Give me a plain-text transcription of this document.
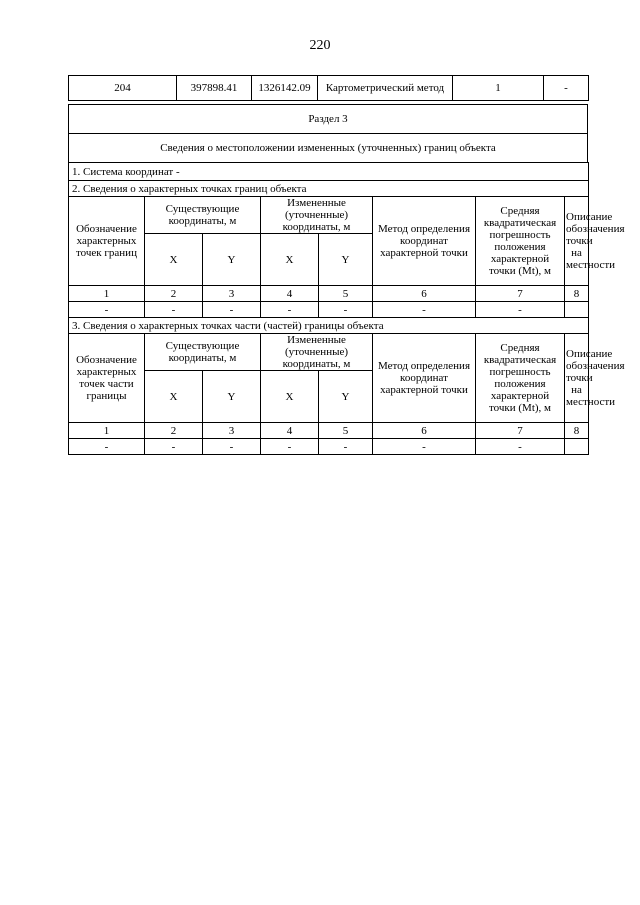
220
204	397898.41	1326142.09	Картометрический метод	1	-
Раздел 3
Сведения о местоположении измененных (уточненных) границ объекта
1. Система координат -							
2. Сведения о характерных точках границ объекта							
Обозначение характерных точек границ	Существующие координаты, м		Измененные (уточненные) координаты, м		Метод определения координат характерной точки	Средняя квадратическая погрешность положения характерной точки (Mt), м	Описание обозначения точки на местности
	X	Y	X	Y			
1	2	3	4	5	6	7	8
-	-	-	-	-	-	-	
3. Сведения о характерных точках части (частей) границы объекта							
Обозначение характерных точек части границы	Существующие координаты, м		Измененные (уточненные) координаты, м		Метод определения координат характерной точки	Средняя квадратическая погрешность положения характерной точки (Mt), м	Описание обозначения точки на местности
	X	Y	X	Y			
1	2	3	4	5	6	7	8
-	-	-	-	-	-	-	
